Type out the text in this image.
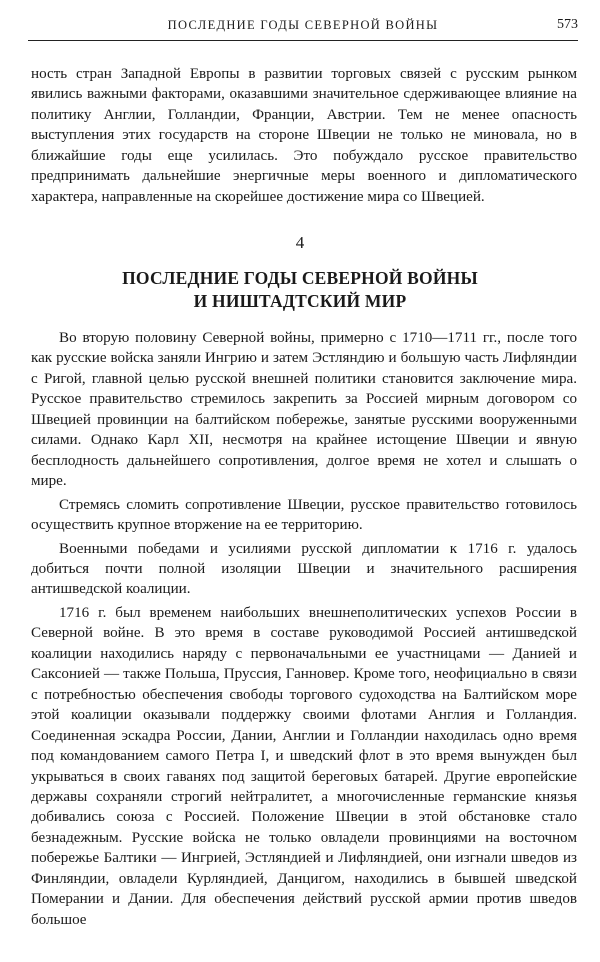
ПОСЛЕДНИЕ ГОДЫ СЕВЕРНОЙ ВОЙНЫ	573

ность стран Западной Европы в развитии торговых связей с русским рынком явились важными факторами, оказавшими значительное сдерживающее влияние на политику Англии, Голландии, Франции, Австрии. Тем не менее опасность выступления этих государств на стороне Швеции не только не миновала, но в ближайшие годы еще усилилась. Это побуждало русское правительство предпринимать дальнейшие энергичные меры военного и дипломатического характера, направленные на скорейшее достижение мира со Швецией.

4
ПОСЛЕДНИЕ ГОДЫ СЕВЕРНОЙ ВОЙНЫ
И НИШТАДТСКИЙ МИР

Во вторую половину Северной войны, примерно с 1710—1711 гг., после того как русские войска заняли Ингрию и затем Эстляндию и большую часть Лифляндии с Ригой, главной целью русской внешней политики становится заключение мира. Русское правительство стремилось закрепить за Россией мирным договором со Швецией провинции на балтийском побережье, занятые русскими вооруженными силами. Однако Карл XII, несмотря на крайнее истощение Швеции и явную бесплодность дальнейшего сопротивления, долгое время не хотел и слышать о мире.

Стремясь сломить сопротивление Швеции, русское правительство готовилось осуществить крупное вторжение на ее территорию.

Военными победами и усилиями русской дипломатии к 1716 г. удалось добиться почти полной изоляции Швеции и значительного расширения антишведской коалиции.

1716 г. был временем наибольших внешнеполитических успехов России в Северной войне. В это время в составе руководимой Россией антишведской коалиции находились наряду с первоначальными ее участницами — Данией и Саксонией — также Польша, Пруссия, Ганновер. Кроме того, неофициально в связи с потребностью обеспечения свободы торгового судоходства на Балтийском море этой коалиции оказывали поддержку своими флотами Англия и Голландия. Соединенная эскадра России, Дании, Англии и Голландии находилась одно время под командованием самого Петра I, и шведский флот в это время вынужден был укрываться в своих гаванях под защитой береговых батарей. Другие европейские державы сохраняли строгий нейтралитет, а многочисленные германские князья добивались союза с Россией. Положение Швеции в этой обстановке стало безнадежным. Русские войска не только овладели провинциями на восточном побережье Балтики — Ингрией, Эстляндией и Лифляндией, они изгнали шведов из Финляндии, овладели Курляндией, Данцигом, находились в бывшей шведской Померании и Дании. Для обеспечения действий русской армии против шведов большое
